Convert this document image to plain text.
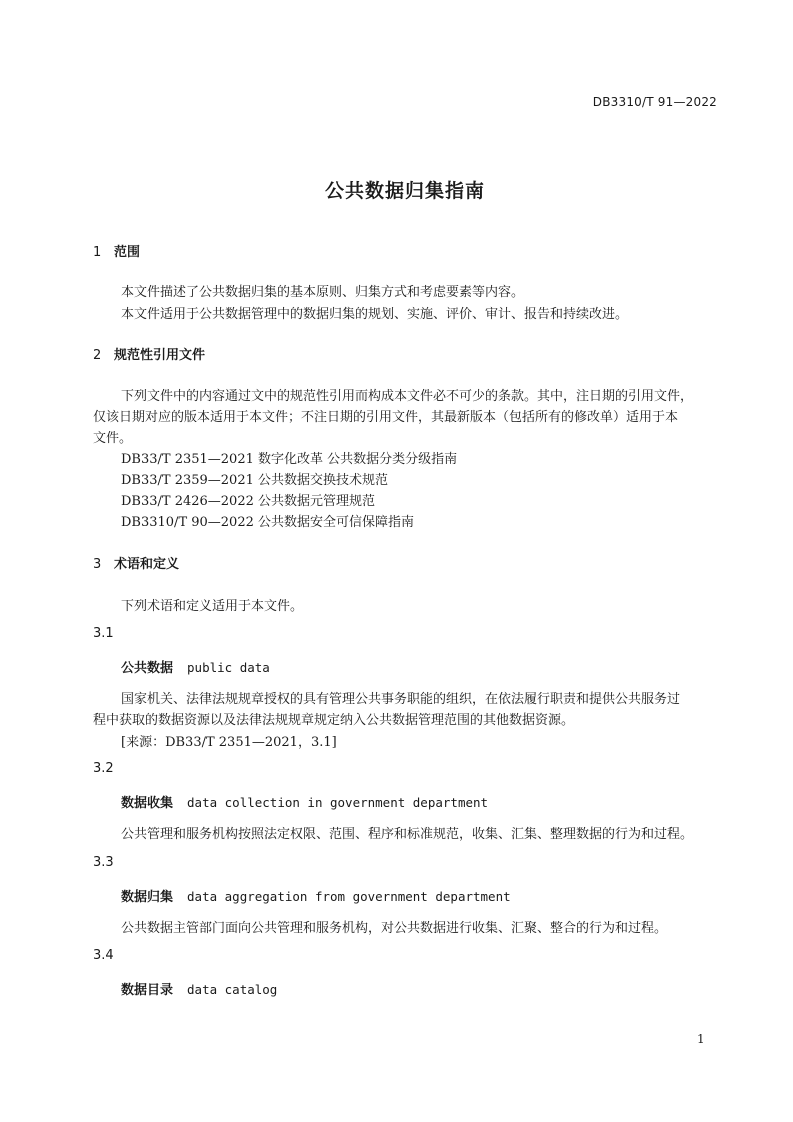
DB3310/T 91—2022
公共数据归集指南
1 范围
本文件描述了公共数据归集的基本原则、归集方式和考虑要素等内容。
本文件适用于公共数据管理中的数据归集的规划、实施、评价、审计、报告和持续改进。
2 规范性引用文件
下列文件中的内容通过文中的规范性引用而构成本文件必不可少的条款。其中，注日期的引用文件，
仅该日期对应的版本适用于本文件；不注日期的引用文件，其最新版本（包括所有的修改单）适用于本
文件。
DB33/T 2351—2021 数字化改革 公共数据分类分级指南
DB33/T 2359—2021 公共数据交换技术规范
DB33/T 2426—2022 公共数据元管理规范
DB3310/T 90—2022 公共数据安全可信保障指南
3 术语和定义
下列术语和定义适用于本文件。
3.1
公共数据 public data
国家机关、法律法规规章授权的具有管理公共事务职能的组织，在依法履行职责和提供公共服务过
程中获取的数据资源以及法律法规规章规定纳入公共数据管理范围的其他数据资源。
[来源：DB33/T 2351—2021，3.1]
3.2
数据收集 data collection in government department
公共管理和服务机构按照法定权限、范围、程序和标准规范，收集、汇集、整理数据的行为和过程。
3.3
数据归集 data aggregation from government department
公共数据主管部门面向公共管理和服务机构，对公共数据进行收集、汇聚、整合的行为和过程。
3.4
数据目录 data catalog
1
